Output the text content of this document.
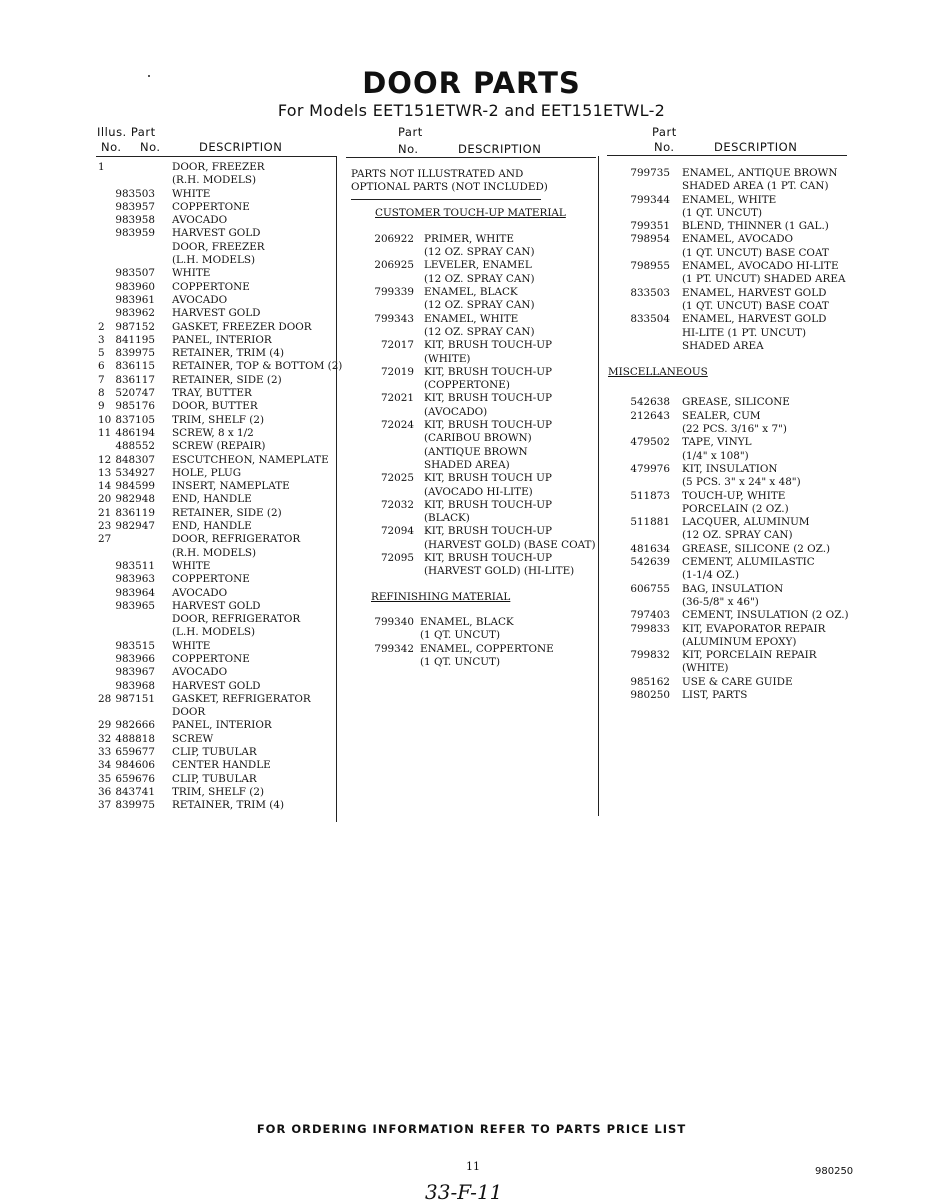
DOOR PARTS
For Models EET151ETWR-2 and EET151ETWL-2
Illus. Part
No. No.	DESCRIPTION
Part
No.	DESCRIPTION
Part
No.	DESCRIPTION
1	DOOR, FREEZER
(R.H. MODELS)
983503 WHITE
983957 COPPERTONE
983958 AVOCADO
983959 HARVEST GOLD
DOOR, FREEZER
(L.H. MODELS)
983507 WHITE
983960 COPPERTONE
983961 AVOCADO
983962 HARVEST GOLD
2	987152 GASKET, FREEZER DOOR
3	841195 PANEL, INTERIOR
5	839975 RETAINER, TRIM (4)
6	836115 RETAINER, TOP & BOTTOM (2)
7	836117 RETAINER, SIDE (2)
8	520747 TRAY, BUTTER
9	985176 DOOR, BUTTER
10 837105 TRIM, SHELF (2)
11 486194 SCREW, 8 x 1/2
488552 SCREW (REPAIR)
12 848307 ESCUTCHEON, NAMEPLATE
13 534927 HOLE, PLUG
14 984599 INSERT, NAMEPLATE
20 982948 END, HANDLE
21 836119 RETAINER, SIDE (2)
23 982947 END, HANDLE
27	DOOR, REFRIGERATOR
(R.H. MODELS)
983511 WHITE
983963 COPPERTONE
983964 AVOCADO
983965 HARVEST GOLD
DOOR, REFRIGERATOR
(L.H. MODELS)
983515 WHITE
983966 COPPERTONE
983967 AVOCADO
983968 HARVEST GOLD
28 987151 GASKET, REFRIGERATOR
DOOR
29 982666 PANEL, INTERIOR
32 488818 SCREW
33 659677 CLIP, TUBULAR
34 984606 CENTER HANDLE
35 659676 CLIP, TUBULAR
36 843741 TRIM, SHELF (2)
37 839975 RETAINER, TRIM (4)
PARTS NOT ILLUSTRATED AND
OPTIONAL PARTS (NOT INCLUDED)
CUSTOMER TOUCH-UP MATERIAL
206922 PRIMER, WHITE
(12 OZ. SPRAY CAN)
206925 LEVELER, ENAMEL
(12 OZ. SPRAY CAN)
799339 ENAMEL, BLACK
(12 OZ. SPRAY CAN)
799343 ENAMEL, WHITE
(12 OZ. SPRAY CAN)
72017 KIT, BRUSH TOUCH-UP
(WHITE)
72019 KIT, BRUSH TOUCH-UP
(COPPERTONE)
72021 KIT, BRUSH TOUCH-UP
(AVOCADO)
72024 KIT, BRUSH TOUCH-UP
(CARIBOU BROWN)
(ANTIQUE BROWN
SHADED AREA)
72025 KIT, BRUSH TOUCH UP
(AVOCADO HI-LITE)
72032 KIT, BRUSH TOUCH-UP
(BLACK)
72094 KIT, BRUSH TOUCH-UP
(HARVEST GOLD) (BASE COAT)
72095 KIT, BRUSH TOUCH-UP
(HARVEST GOLD) (HI-LITE)
REFINISHING MATERIAL
799340 ENAMEL, BLACK
(1 QT. UNCUT)
799342 ENAMEL, COPPERTONE
(1 QT. UNCUT)
799735 ENAMEL, ANTIQUE BROWN
SHADED AREA (1 PT. CAN)
799344 ENAMEL, WHITE
(1 QT. UNCUT)
799351 BLEND, THINNER (1 GAL.)
798954 ENAMEL, AVOCADO
(1 QT. UNCUT) BASE COAT
798955 ENAMEL, AVOCADO HI-LITE
(1 PT. UNCUT) SHADED AREA
833503 ENAMEL, HARVEST GOLD
(1 QT. UNCUT) BASE COAT
833504 ENAMEL, HARVEST GOLD
HI-LITE (1 PT. UNCUT)
SHADED AREA
MISCELLANEOUS
542638 GREASE, SILICONE
212643 SEALER, CUM
(22 PCS. 3/16" x 7")
479502 TAPE, VINYL
(1/4" x 108")
479976 KIT, INSULATION
(5 PCS. 3" x 24" x 48")
511873 TOUCH-UP, WHITE
PORCELAIN (2 OZ.)
511881 LACQUER, ALUMINUM
(12 OZ. SPRAY CAN)
481634 GREASE, SILICONE (2 OZ.)
542639 CEMENT, ALUMILASTIC
(1-1/4 OZ.)
606755 BAG, INSULATION
(36-5/8" x 46")
797403 CEMENT, INSULATION (2 OZ.)
799833 KIT, EVAPORATOR REPAIR
(ALUMINUM EPOXY)
799832 KIT, PORCELAIN REPAIR
(WHITE)
985162 USE & CARE GUIDE
980250 LIST, PARTS
FOR ORDERING INFORMATION REFER TO PARTS PRICE LIST
11	980250
33-F-11
